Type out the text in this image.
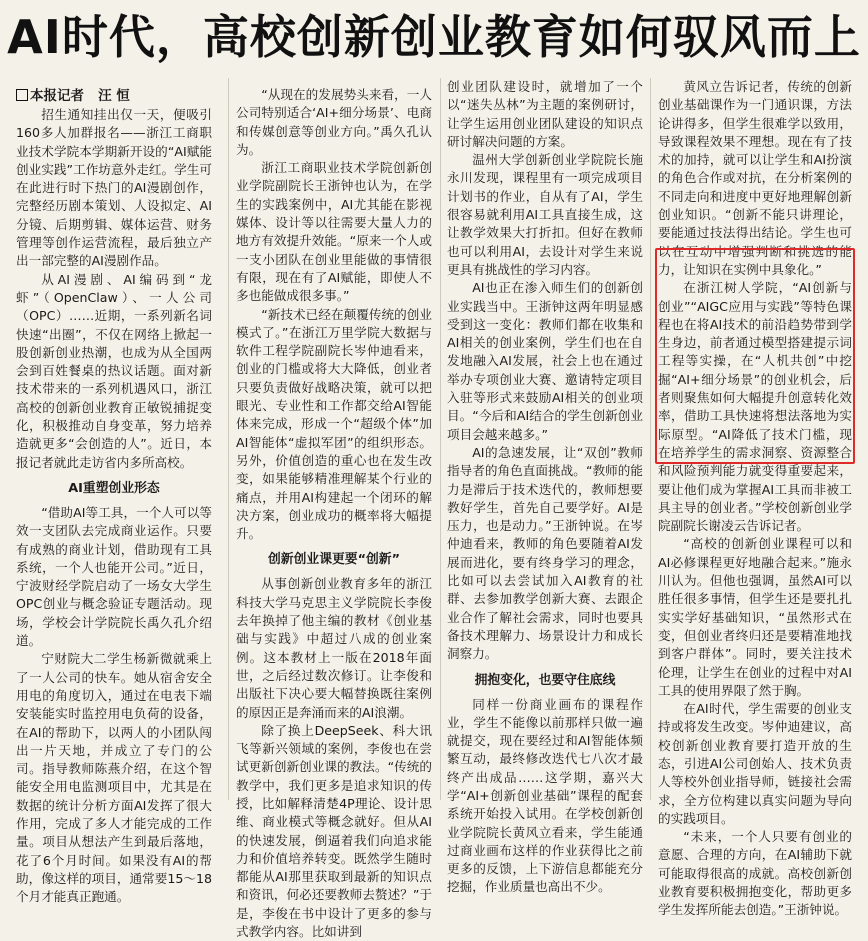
AI时代，高校创新创业教育如何驭风而上

本报记者 汪 恒

招生通知挂出仅一天，便吸引160多人加群报名——浙江工商职业技术学院本学期新开设的“AI赋能创业实践”工作坊意外走红。学生可在此进行时下热门的AI漫剧创作，完整经历剧本策划、人设拟定、AI分镜、后期剪辑、媒体运营、财务管理等创作运营流程，最后独立产出一部完整的AI漫剧作品。

从AI漫剧、AI编码到“龙虾”（OpenClaw）、一人公司（OPC）……近期，一系列新名词快速“出圈”，不仅在网络上掀起一股创新创业热潮，也成为从全国两会到百姓餐桌的热议话题。面对新技术带来的一系列机遇风口，浙江高校的创新创业教育正敏锐捕捉变化，积极推动自身变革，努力培养造就更多“会创造的人”。近日，本报记者就此走访省内多所高校。

AI重塑创业形态

“借助AI等工具，一个人可以等效一支团队去完成商业运作。只要有成熟的商业计划，借助现有工具系统，一个人也能开公司。”近日，宁波财经学院启动了一场女大学生OPC创业与概念验证专题活动。现场，学校会计学院院长禹久孔介绍道。

宁财院大二学生杨新微就乘上了一人公司的快车。她从宿舍安全用电的角度切入，通过在电表下端安装能实时监控用电负荷的设备，在AI的帮助下，以两人的小团队闯出一片天地，并成立了专门的公司。指导教师陈燕介绍，在这个智能安全用电监测项目中，尤其是在数据的统计分析方面AI发挥了很大作用，完成了多人才能完成的工作量。项目从想法产生到最后落地，花了6个月时间。如果没有AI的帮助，像这样的项目，通常要15～18个月才能真正跑通。

“从现在的发展势头来看，一人公司特别适合‘AI+细分场景’、电商和传媒创意等创业方向。”禹久孔认为。

浙江工商职业技术学院创新创业学院副院长王浙钟也认为，在学生的实践案例中，AI尤其能在影视媒体、设计等以往需要大量人力的地方有效提升效能。“原来一个人或一支小团队在创业里能做的事情很有限，现在有了AI赋能，即使人不多也能做成很多事。”

“新技术已经在颠覆传统的创业模式了。”在浙江万里学院大数据与软件工程学院副院长岑仲迪看来，创业的门槛或将大大降低，创业者只要负责做好战略决策，就可以把眼光、专业性和工作都交给AI智能体来完成，形成一个“超级个体”加AI智能体“虚拟军团”的组织形态。另外，价值创造的重心也在发生改变，如果能够精准理解某个行业的痛点，并用AI构建起一个闭环的解决方案，创业成功的概率将大幅提升。

创新创业课更要“创新”

从事创新创业教育多年的浙江科技大学马克思主义学院院长李俊去年换掉了他主编的教材《创业基础与实践》中超过八成的创业案例。这本教材上一版在2018年面世，之后经过数次修订。让李俊和出版社下决心要大幅替换既往案例的原因正是奔涌而来的AI浪潮。

除了换上DeepSeek、科大讯飞等新兴领域的案例，李俊也在尝试更新创新创业课的教法。“传统的教学中，我们更多是追求知识的传授，比如解释清楚4P理论、设计思维、商业模式等概念就好。但从AI的快速发展，倒逼着我们向追求能力和价值培养转变。既然学生随时都能从AI那里获取到最新的知识点和资讯，何必还要教师去赘述？”于是，李俊在书中设计了更多的参与式教学内容。比如讲到

创业团队建设时，就增加了一个以“迷失丛林”为主题的案例研讨，让学生运用创业团队建设的知识点研讨解决问题的方案。

温州大学创新创业学院院长施永川发现，课程里有一项完成项目计划书的作业，自从有了AI，学生很容易就利用AI工具直接生成，这让教学效果大打折扣。但好在教师也可以利用AI，去设计对学生来说更具有挑战性的学习内容。

AI也正在渗入师生们的创新创业实践当中。王浙钟这两年明显感受到这一变化：教师们都在收集和AI相关的创业案例，学生们也在自发地融入AI发展，社会上也在通过举办专项创业大赛、邀请特定项目入驻等形式来鼓励AI相关的创业项目。“今后和AI结合的学生创新创业项目会越来越多。”

AI的急速发展，让“双创”教师指导者的角色直面挑战。“教师的能力是滞后于技术迭代的，教师想要教好学生，首先自己要学好。AI是压力，也是动力。”王浙钟说。在岑仲迪看来，教师的角色要随着AI发展而进化，要有终身学习的理念，比如可以去尝试加入AI教育的社群、去参加教学创新大赛、去跟企业合作了解社会需求，同时也要具备技术理解力、场景设计力和成长洞察力。

拥抱变化，也要守住底线

同样一份商业画布的课程作业，学生不能像以前那样只做一遍就提交，现在要经过和AI智能体频繁互动，最终修改迭代七八次才最终产出成品……这学期，嘉兴大学“AI+创新创业基础”课程的配套系统开始投入试用。在学校创新创业学院院长黄风立看来，学生能通过商业画布这样的作业获得比之前更多的反馈，上下游信息都能充分挖掘，作业质量也高出不少。

黄风立告诉记者，传统的创新创业基础课作为一门通识课，方法论讲得多，但学生很难学以致用，导致课程效果不理想。现在有了技术的加持，就可以让学生和AI扮演的角色合作或对抗，在分析案例的不同走向和进度中更好地理解创新创业知识。“创新不能只讲理论，要能通过技法得出结论。学生也可以在互动中增强判断和挑选的能力，让知识在实例中具象化。”

在浙江树人学院，“AI创新与创业”“AIGC应用与实践”等特色课程也在将AI技术的前沿趋势带到学生身边，前者通过模型搭建提示词工程等实操，在“人机共创”中挖掘“AI+细分场景”的创业机会，后者则聚焦如何大幅提升创意转化效率，借助工具快速将想法落地为实际原型。“AI降低了技术门槛，现在培养学生的需求洞察、资源整合和风险预判能力就变得重要起来，要让他们成为掌握AI工具而非被工具主导的创业者。”学校创新创业学院副院长谢凌云告诉记者。

“高校的创新创业课程可以和AI必修课程更好地融合起来。”施永川认为。但他也强调，虽然AI可以胜任很多事情，但学生还是要扎扎实实学好基础知识，“虽然形式在变，但创业者终归还是要精准地找到客户群体”。同时，要关注技术伦理，让学生在创业的过程中对AI工具的使用界限了然于胸。

在AI时代，学生需要的创业支持或将发生改变。岑仲迪建议，高校创新创业教育要打造开放的生态，引进AI公司创始人、技术负责人等校外创业指导师，链接社会需求，全方位构建以真实问题为导向的实践项目。

“未来，一个人只要有创业的意愿、合理的方向，在AI辅助下就可能取得很高的成就。高校创新创业教育要积极拥抱变化，帮助更多学生发挥所能去创造。”王浙钟说。
